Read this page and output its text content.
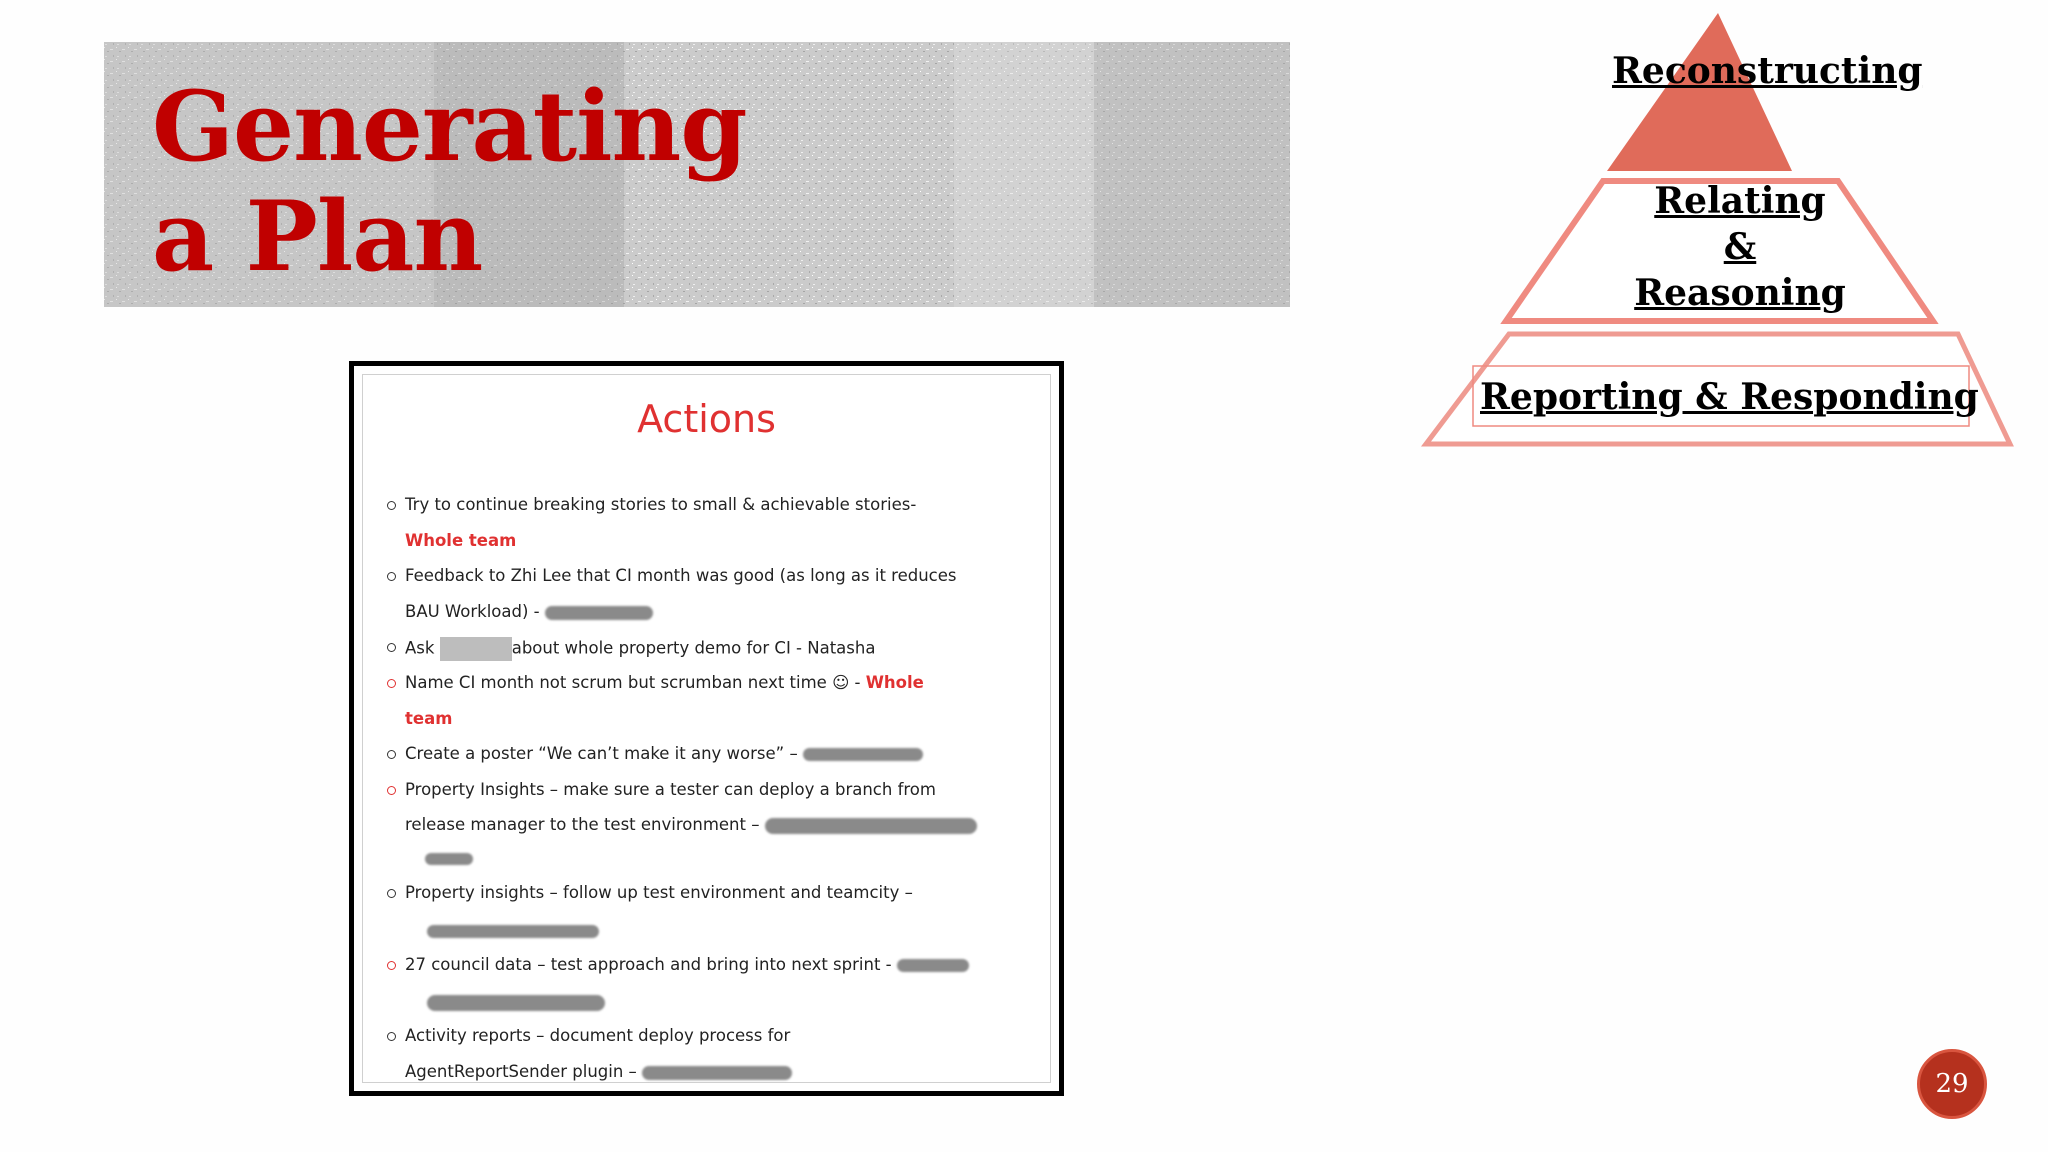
Generating
a Plan
Actions
Try to continue breaking stories to small & achievable stories-
Whole team
Feedback to Zhi Lee that CI month was good (as long as it reduces
BAU Workload) -
Ask	about whole property demo for CI - Natasha
Name CI month not scrum but scrumban next time ☺ - Whole
team
Create a poster “We can’t make it any worse” –
Property Insights – make sure a tester can deploy a branch from
release manager to the test environment –
Property insights – follow up test environment and teamcity –
27 council data – test approach and bring into next sprint -
Activity reports – document deploy process for
AgentReportSender plugin –
Reconstructing
Relating
&
Reasoning
Reporting & Responding
29
